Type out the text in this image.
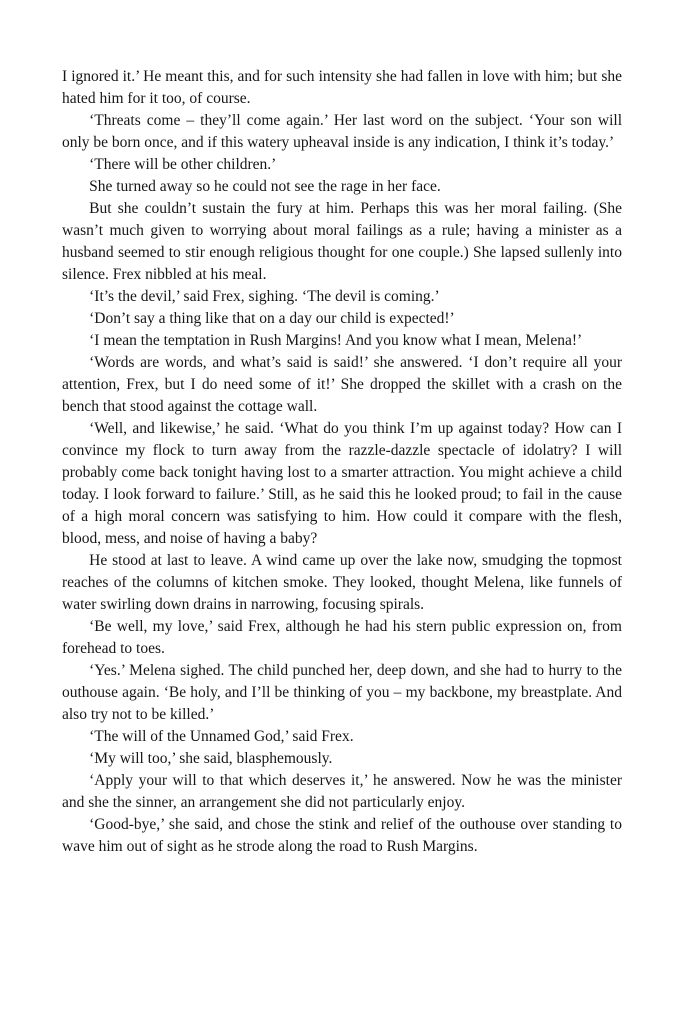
I ignored it.’ He meant this, and for such intensity she had fallen in love with him; but she hated him for it too, of course.

‘Threats come – they’ll come again.’ Her last word on the subject. ‘Your son will only be born once, and if this watery upheaval inside is any indication, I think it’s today.’

‘There will be other children.’

She turned away so he could not see the rage in her face.

But she couldn’t sustain the fury at him. Perhaps this was her moral failing. (She wasn’t much given to worrying about moral failings as a rule; having a minister as a husband seemed to stir enough religious thought for one couple.) She lapsed sullenly into silence. Frex nibbled at his meal.

‘It’s the devil,’ said Frex, sighing. ‘The devil is coming.’

‘Don’t say a thing like that on a day our child is expected!’

‘I mean the temptation in Rush Margins! And you know what I mean, Melena!’

‘Words are words, and what’s said is said!’ she answered. ‘I don’t require all your attention, Frex, but I do need some of it!’ She dropped the skillet with a crash on the bench that stood against the cottage wall.

‘Well, and likewise,’ he said. ‘What do you think I’m up against today? How can I convince my flock to turn away from the razzle-dazzle spectacle of idolatry? I will probably come back tonight having lost to a smarter attraction. You might achieve a child today. I look forward to failure.’ Still, as he said this he looked proud; to fail in the cause of a high moral concern was satisfying to him. How could it compare with the flesh, blood, mess, and noise of having a baby?

He stood at last to leave. A wind came up over the lake now, smudging the topmost reaches of the columns of kitchen smoke. They looked, thought Melena, like funnels of water swirling down drains in narrowing, focusing spirals.

‘Be well, my love,’ said Frex, although he had his stern public expression on, from forehead to toes.

‘Yes.’ Melena sighed. The child punched her, deep down, and she had to hurry to the outhouse again. ‘Be holy, and I’ll be thinking of you – my backbone, my breastplate. And also try not to be killed.’

‘The will of the Unnamed God,’ said Frex.

‘My will too,’ she said, blasphemously.

‘Apply your will to that which deserves it,’ he answered. Now he was the minister and she the sinner, an arrangement she did not particularly enjoy.

‘Good-bye,’ she said, and chose the stink and relief of the outhouse over standing to wave him out of sight as he strode along the road to Rush Margins.
